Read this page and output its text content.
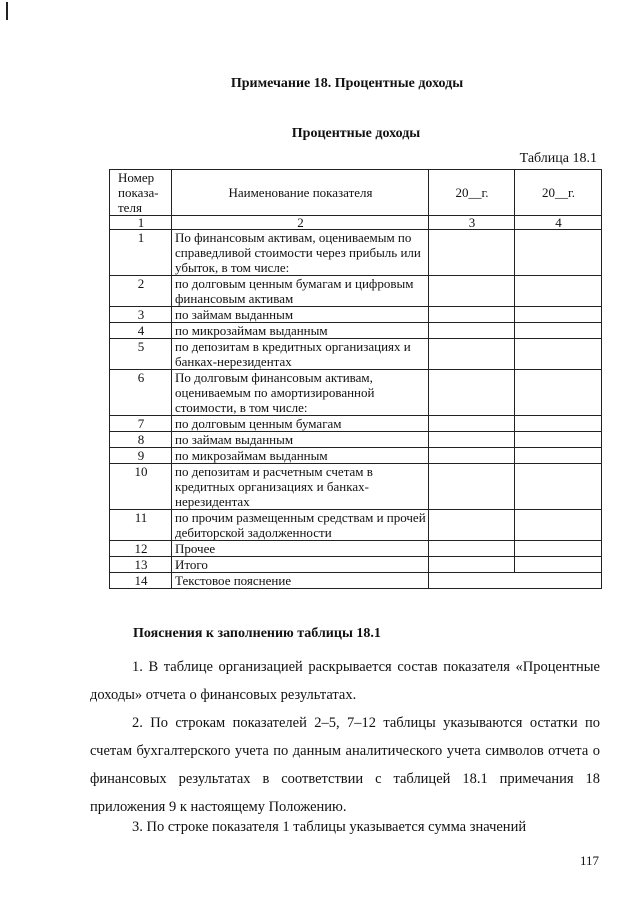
Примечание 18. Процентные доходы
Процентные доходы
Таблица 18.1
Номер показа-теля	Наименование показателя	20__г.	20__г.
1	2	3	4
1	По финансовым активам, оцениваемым по справедливой стоимости через прибыль или убыток, в том числе:		
2	по долговым ценным бумагам и цифровым финансовым активам		
3	по займам выданным		
4	по микрозаймам выданным		
5	по депозитам в кредитных организациях и банках-нерезидентах		
6	По долговым финансовым активам, оцениваемым по амортизированной стоимости, в том числе:		
7	по долговым ценным бумагам		
8	по займам выданным		
9	по микрозаймам выданным		
10	по депозитам и расчетным счетам в кредитных организациях и банках-нерезидентах		
11	по прочим размещенным средствам и прочей дебиторской задолженности		
12	Прочее		
13	Итого		
14	Текстовое пояснение		
Пояснения к заполнению таблицы 18.1

1. В таблице организацией раскрывается состав показателя «Процентные доходы» отчета о финансовых результатах.

2. По строкам показателей 2–5, 7–12 таблицы указываются остатки по счетам бухгалтерского учета по данным аналитического учета символов отчета о финансовых результатах в соответствии с таблицей 18.1 примечания 18 приложения 9 к настоящему Положению.

3. По строке показателя 1 таблицы указывается сумма значений

117
